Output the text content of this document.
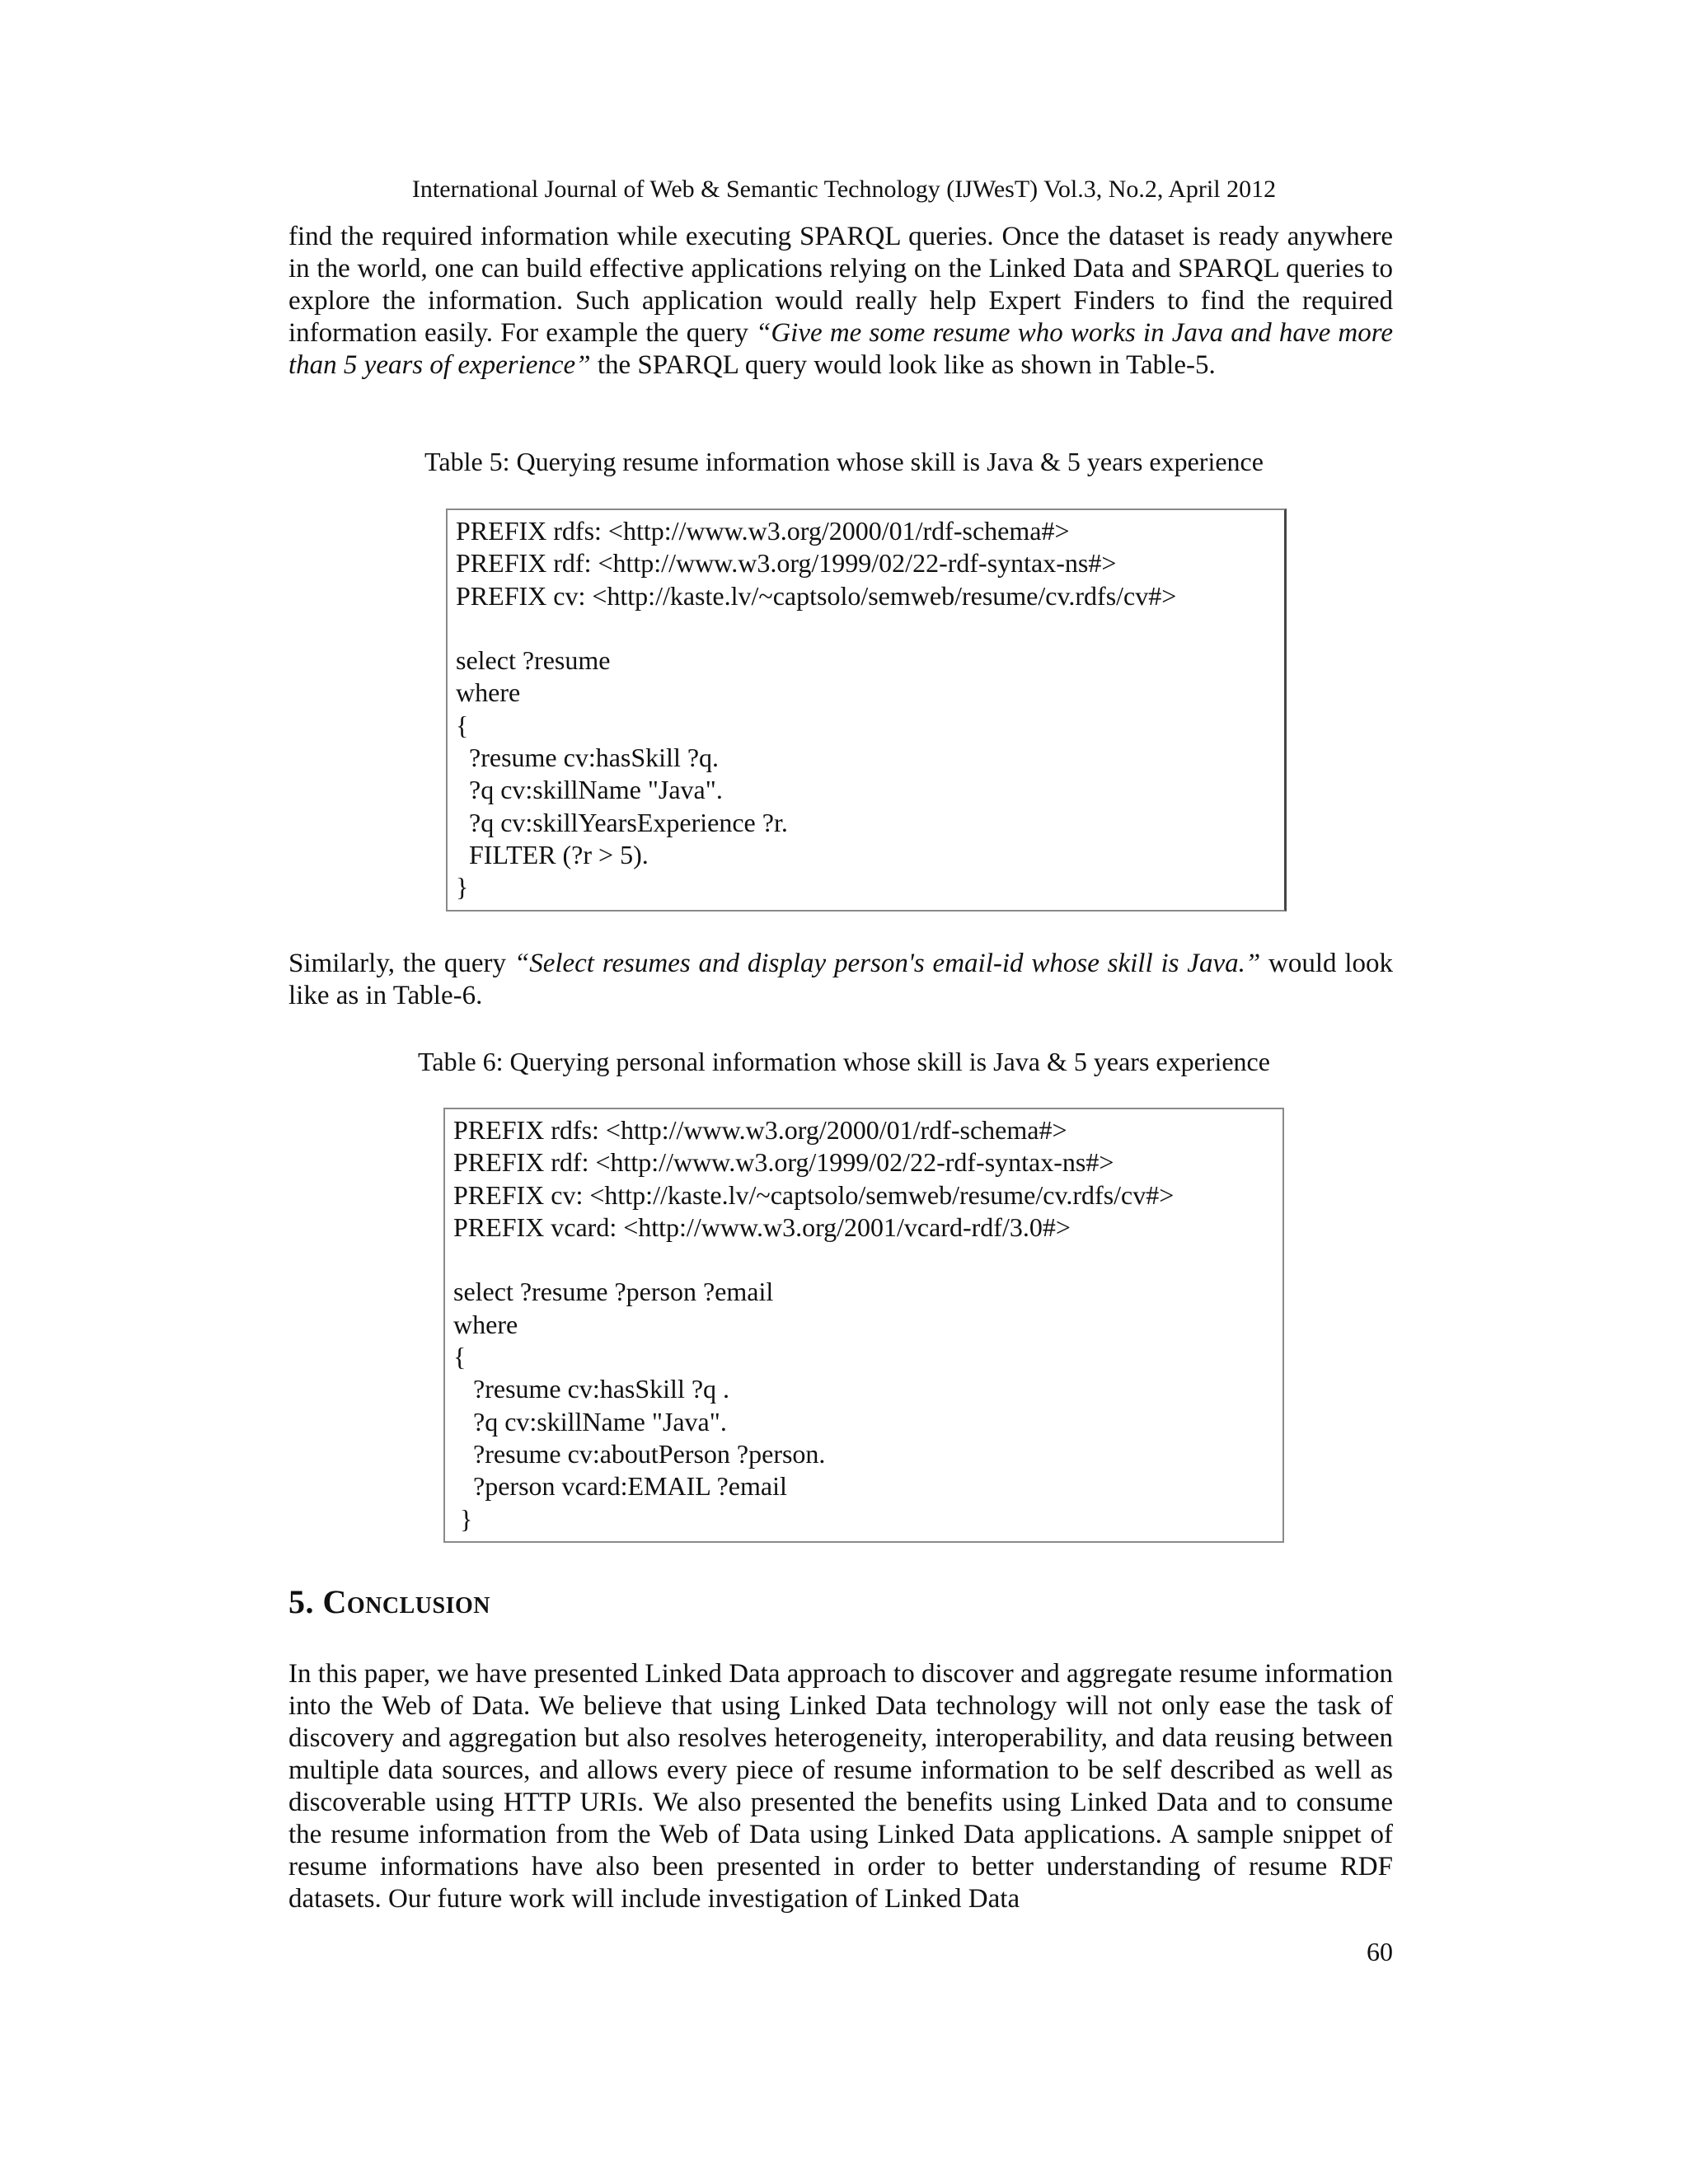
International Journal of Web & Semantic Technology (IJWesT) Vol.3, No.2, April 2012

find the required information while executing SPARQL queries. Once the dataset is ready anywhere in the world, one can build effective applications relying on the Linked Data and SPARQL queries to explore the information. Such application would really help Expert Finders to find the required information easily. For example the query “Give me some resume who works in Java and have more than 5 years of experience” the SPARQL query would look like as shown in Table-5.

Table 5: Querying resume information whose skill is Java & 5 years experience
PREFIX rdfs: <http://www.w3.org/2000/01/rdf-schema#>
PREFIX rdf: <http://www.w3.org/1999/02/22-rdf-syntax-ns#>
PREFIX cv: <http://kaste.lv/~captsolo/semweb/resume/cv.rdfs/cv#>
select ?resume
where
{
?resume cv:hasSkill ?q.
?q cv:skillName "Java".
?q cv:skillYearsExperience ?r.
FILTER (?r > 5).
}

Similarly, the query “Select resumes and display person's email-id whose skill is Java.” would look like as in Table-6.

Table 6: Querying personal information whose skill is Java & 5 years experience
PREFIX rdfs: <http://www.w3.org/2000/01/rdf-schema#>
PREFIX rdf: <http://www.w3.org/1999/02/22-rdf-syntax-ns#>
PREFIX cv: <http://kaste.lv/~captsolo/semweb/resume/cv.rdfs/cv#>
PREFIX vcard: <http://www.w3.org/2001/vcard-rdf/3.0#>
select ?resume ?person ?email
where
{
?resume cv:hasSkill ?q .
?q cv:skillName "Java".
?resume cv:aboutPerson ?person.
?person vcard:EMAIL ?email
}
5. Conclusion

In this paper, we have presented Linked Data approach to discover and aggregate resume information into the Web of Data. We believe that using Linked Data technology will not only ease the task of discovery and aggregation but also resolves heterogeneity, interoperability, and data reusing between multiple data sources, and allows every piece of resume information to be self described as well as discoverable using HTTP URIs. We also presented the benefits using Linked Data and to consume the resume information from the Web of Data using Linked Data applications. A sample snippet of resume informations have also been presented in order to better understanding of resume RDF datasets. Our future work will include investigation of Linked Data

60
